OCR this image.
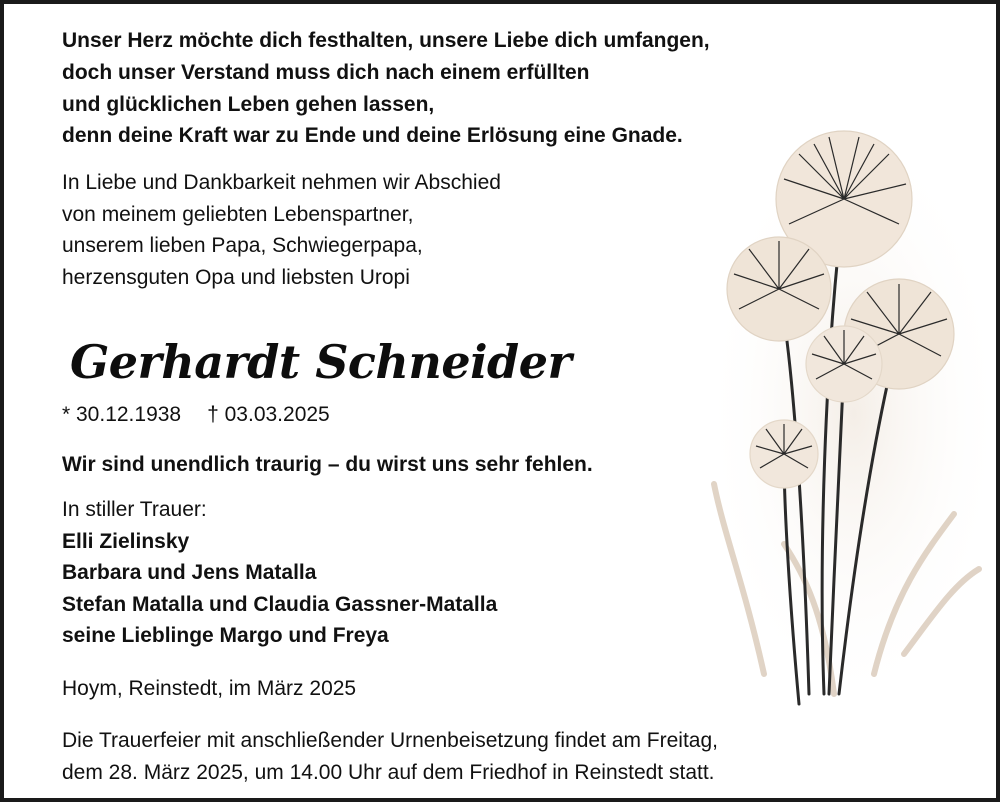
Unser Herz möchte dich festhalten, unsere Liebe dich umfangen,
doch unser Verstand muss dich nach einem erfüllten
und glücklichen Leben gehen lassen,
denn deine Kraft war zu Ende und deine Erlösung eine Gnade.
In Liebe und Dankbarkeit nehmen wir Abschied
von meinem geliebten Lebenspartner,
unserem lieben Papa, Schwiegerpapa,
herzensguten Opa und liebsten Uropi
Gerhardt Schneider
* 30.12.1938 † 03.03.2025
Wir sind unendlich traurig – du wirst uns sehr fehlen.
In stiller Trauer:
Elli Zielinsky
Barbara und Jens Matalla
Stefan Matalla und Claudia Gassner-Matalla
seine Lieblinge Margo und Freya
Hoym, Reinstedt, im März 2025
Die Trauerfeier mit anschließender Urnenbeisetzung findet am Freitag,
dem 28. März 2025, um 14.00 Uhr auf dem Friedhof in Reinstedt statt.
